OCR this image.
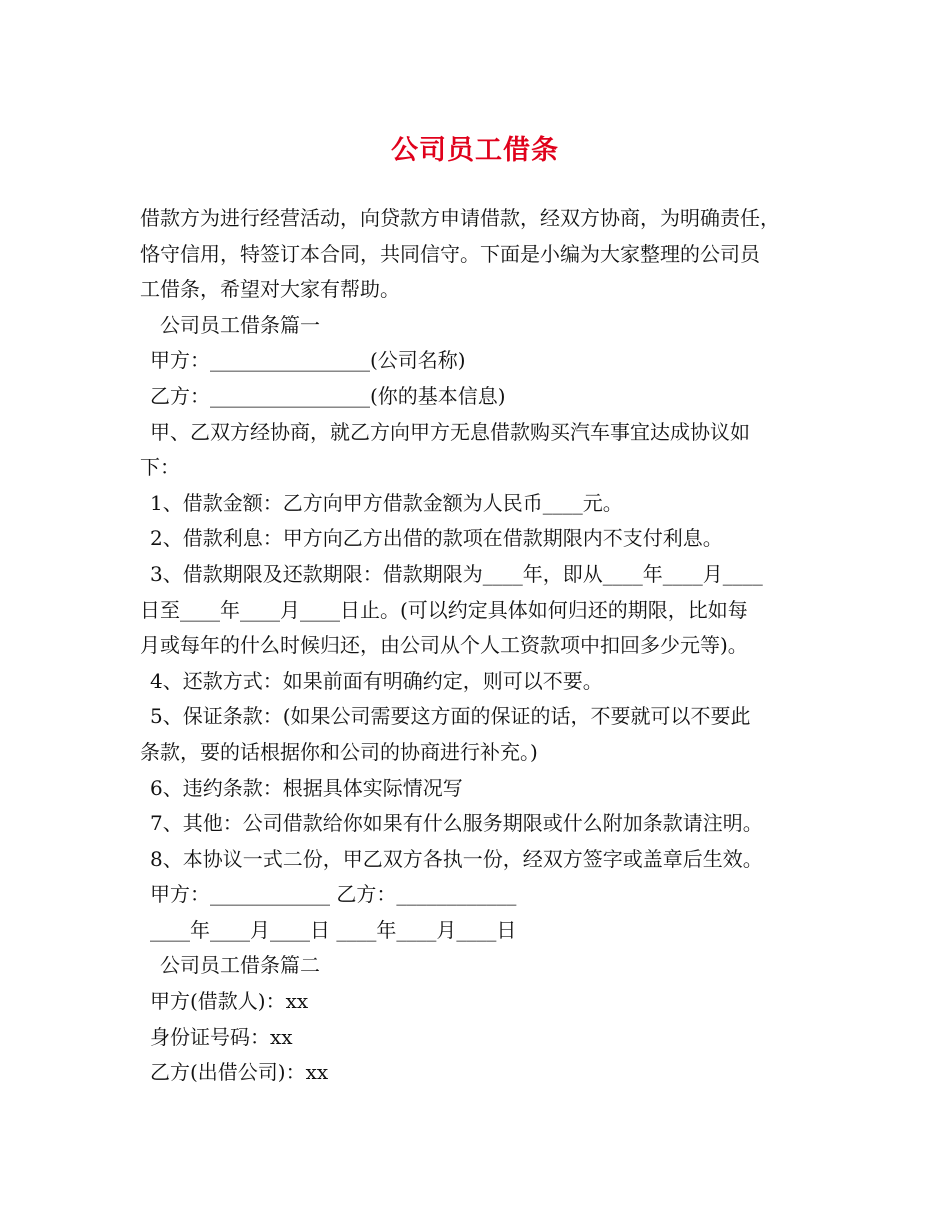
公司员工借条
借款方为进行经营活动，向贷款方申请借款，经双方协商，为明确责任，
恪守信用，特签订本合同，共同信守。下面是小编为大家整理的公司员
工借条，希望对大家有帮助。
公司员工借条篇一
甲方：________________(公司名称)
乙方：________________(你的基本信息)
甲、乙双方经协商，就乙方向甲方无息借款购买汽车事宜达成协议如
下：
1、借款金额：乙方向甲方借款金额为人民币____元。
2、借款利息：甲方向乙方出借的款项在借款期限内不支付利息。
3、借款期限及还款期限：借款期限为____年，即从____年____月____
日至____年____月____日止。(可以约定具体如何归还的期限，比如每
月或每年的什么时候归还，由公司从个人工资款项中扣回多少元等)。
4、还款方式：如果前面有明确约定，则可以不要。
5、保证条款：(如果公司需要这方面的保证的话，不要就可以不要此
条款，要的话根据你和公司的协商进行补充。)
6、违约条款：根据具体实际情况写
7、其他：公司借款给你如果有什么服务期限或什么附加条款请注明。
8、本协议一式二份，甲乙双方各执一份，经双方签字或盖章后生效。
甲方：____________ 乙方：____________
____年____月____日 ____年____月____日
公司员工借条篇二
甲方(借款人)：xx
身份证号码：xx
乙方(出借公司)：xx
